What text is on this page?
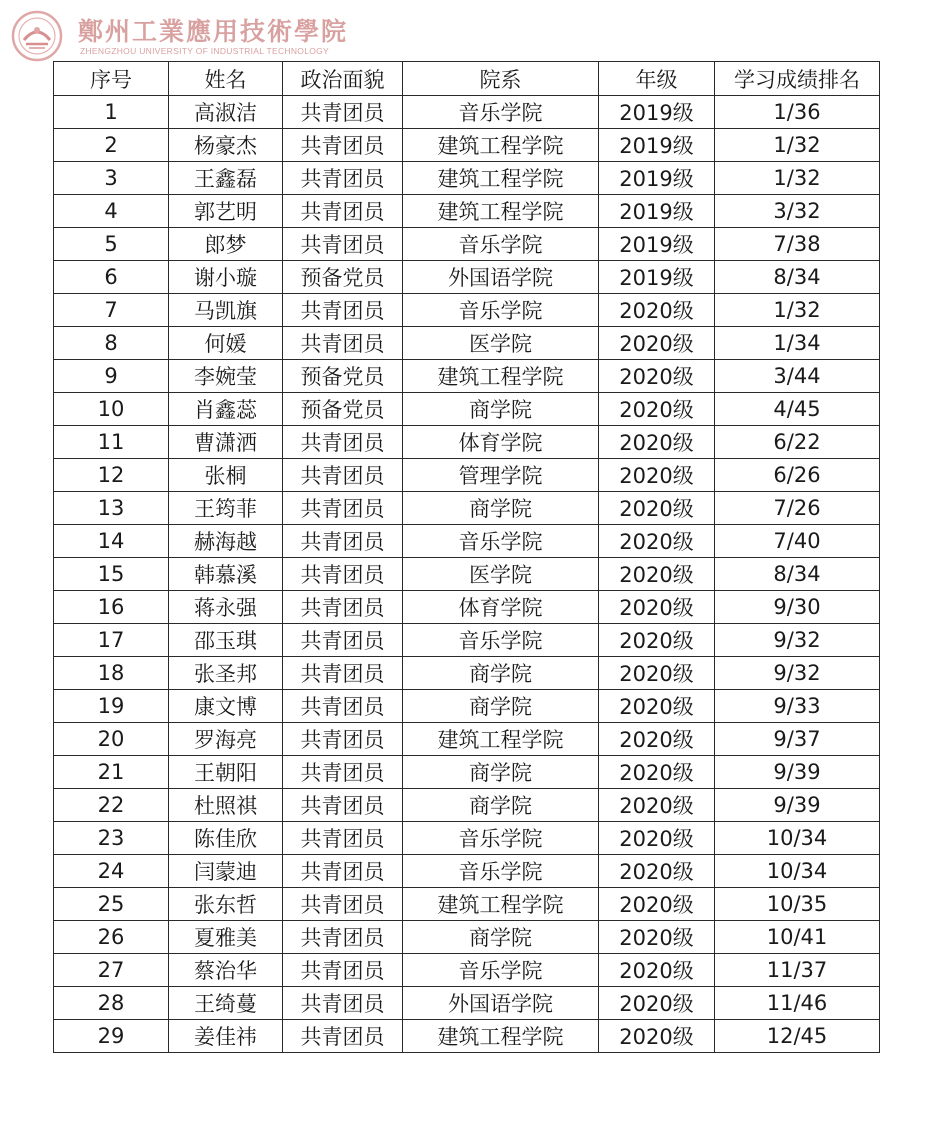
鄭州工業應用技術學院
ZHENGZHOU UNIVERSITY OF INDUSTRIAL TECHNOLOGY
序号	姓名	政治面貌	院系	年级	学习成绩排名
1	高淑洁	共青团员	音乐学院	2019级	1/36
2	杨豪杰	共青团员	建筑工程学院	2019级	1/32
3	王鑫磊	共青团员	建筑工程学院	2019级	1/32
4	郭艺明	共青团员	建筑工程学院	2019级	3/32
5	郎梦	共青团员	音乐学院	2019级	7/38
6	谢小璇	预备党员	外国语学院	2019级	8/34
7	马凯旗	共青团员	音乐学院	2020级	1/32
8	何媛	共青团员	医学院	2020级	1/34
9	李婉莹	预备党员	建筑工程学院	2020级	3/44
10	肖鑫蕊	预备党员	商学院	2020级	4/45
11	曹潇洒	共青团员	体育学院	2020级	6/22
12	张桐	共青团员	管理学院	2020级	6/26
13	王筠菲	共青团员	商学院	2020级	7/26
14	赫海越	共青团员	音乐学院	2020级	7/40
15	韩慕溪	共青团员	医学院	2020级	8/34
16	蒋永强	共青团员	体育学院	2020级	9/30
17	邵玉琪	共青团员	音乐学院	2020级	9/32
18	张圣邦	共青团员	商学院	2020级	9/32
19	康文博	共青团员	商学院	2020级	9/33
20	罗海亮	共青团员	建筑工程学院	2020级	9/37
21	王朝阳	共青团员	商学院	2020级	9/39
22	杜照祺	共青团员	商学院	2020级	9/39
23	陈佳欣	共青团员	音乐学院	2020级	10/34
24	闫蒙迪	共青团员	音乐学院	2020级	10/34
25	张东哲	共青团员	建筑工程学院	2020级	10/35
26	夏雅美	共青团员	商学院	2020级	10/41
27	蔡治华	共青团员	音乐学院	2020级	11/37
28	王绮蔓	共青团员	外国语学院	2020级	11/46
29	姜佳祎	共青团员	建筑工程学院	2020级	12/45
